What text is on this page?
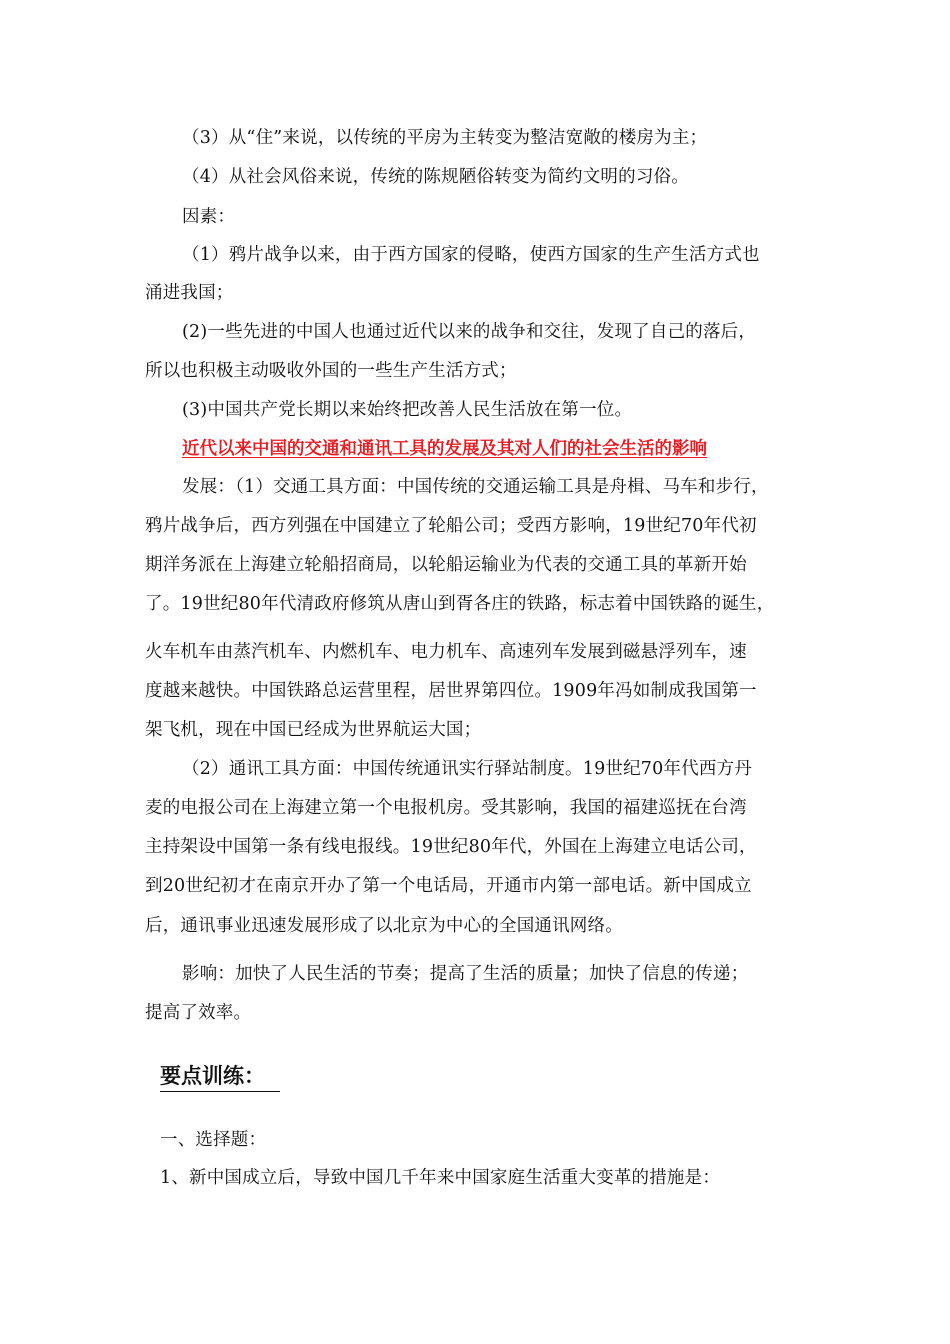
（3）从“住”来说，以传统的平房为主转变为整洁宽敞的楼房为主；
（4）从社会风俗来说，传统的陈规陋俗转变为简约文明的习俗。
因素：
（1）鸦片战争以来，由于西方国家的侵略，使西方国家的生产生活方式也
涌进我国；
(2)一些先进的中国人也通过近代以来的战争和交往，发现了自己的落后，
所以也积极主动吸收外国的一些生产生活方式；
(3)中国共产党长期以来始终把改善人民生活放在第一位。
近代以来中国的交通和通讯工具的发展及其对人们的社会生活的影响
发展：（1）交通工具方面：中国传统的交通运输工具是舟楫、马车和步行，
鸦片战争后，西方列强在中国建立了轮船公司；受西方影响，19世纪70年代初
期洋务派在上海建立轮船招商局，以轮船运输业为代表的交通工具的革新开始
了。19世纪80年代清政府修筑从唐山到胥各庄的铁路，标志着中国铁路的诞生，
火车机车由蒸汽机车、内燃机车、电力机车、高速列车发展到磁悬浮列车，速
度越来越快。中国铁路总运营里程，居世界第四位。1909年冯如制成我国第一
架飞机，现在中国已经成为世界航运大国；
（2）通讯工具方面：中国传统通讯实行驿站制度。19世纪70年代西方丹
麦的电报公司在上海建立第一个电报机房。受其影响，我国的福建巡抚在台湾
主持架设中国第一条有线电报线。19世纪80年代，外国在上海建立电话公司，
到20世纪初才在南京开办了第一个电话局，开通市内第一部电话。新中国成立
后，通讯事业迅速发展形成了以北京为中心的全国通讯网络。
影响：加快了人民生活的节奏；提高了生活的质量；加快了信息的传递；
提高了效率。
要点训练：
一、选择题：
1、新中国成立后，导致中国几千年来中国家庭生活重大变革的措施是：
